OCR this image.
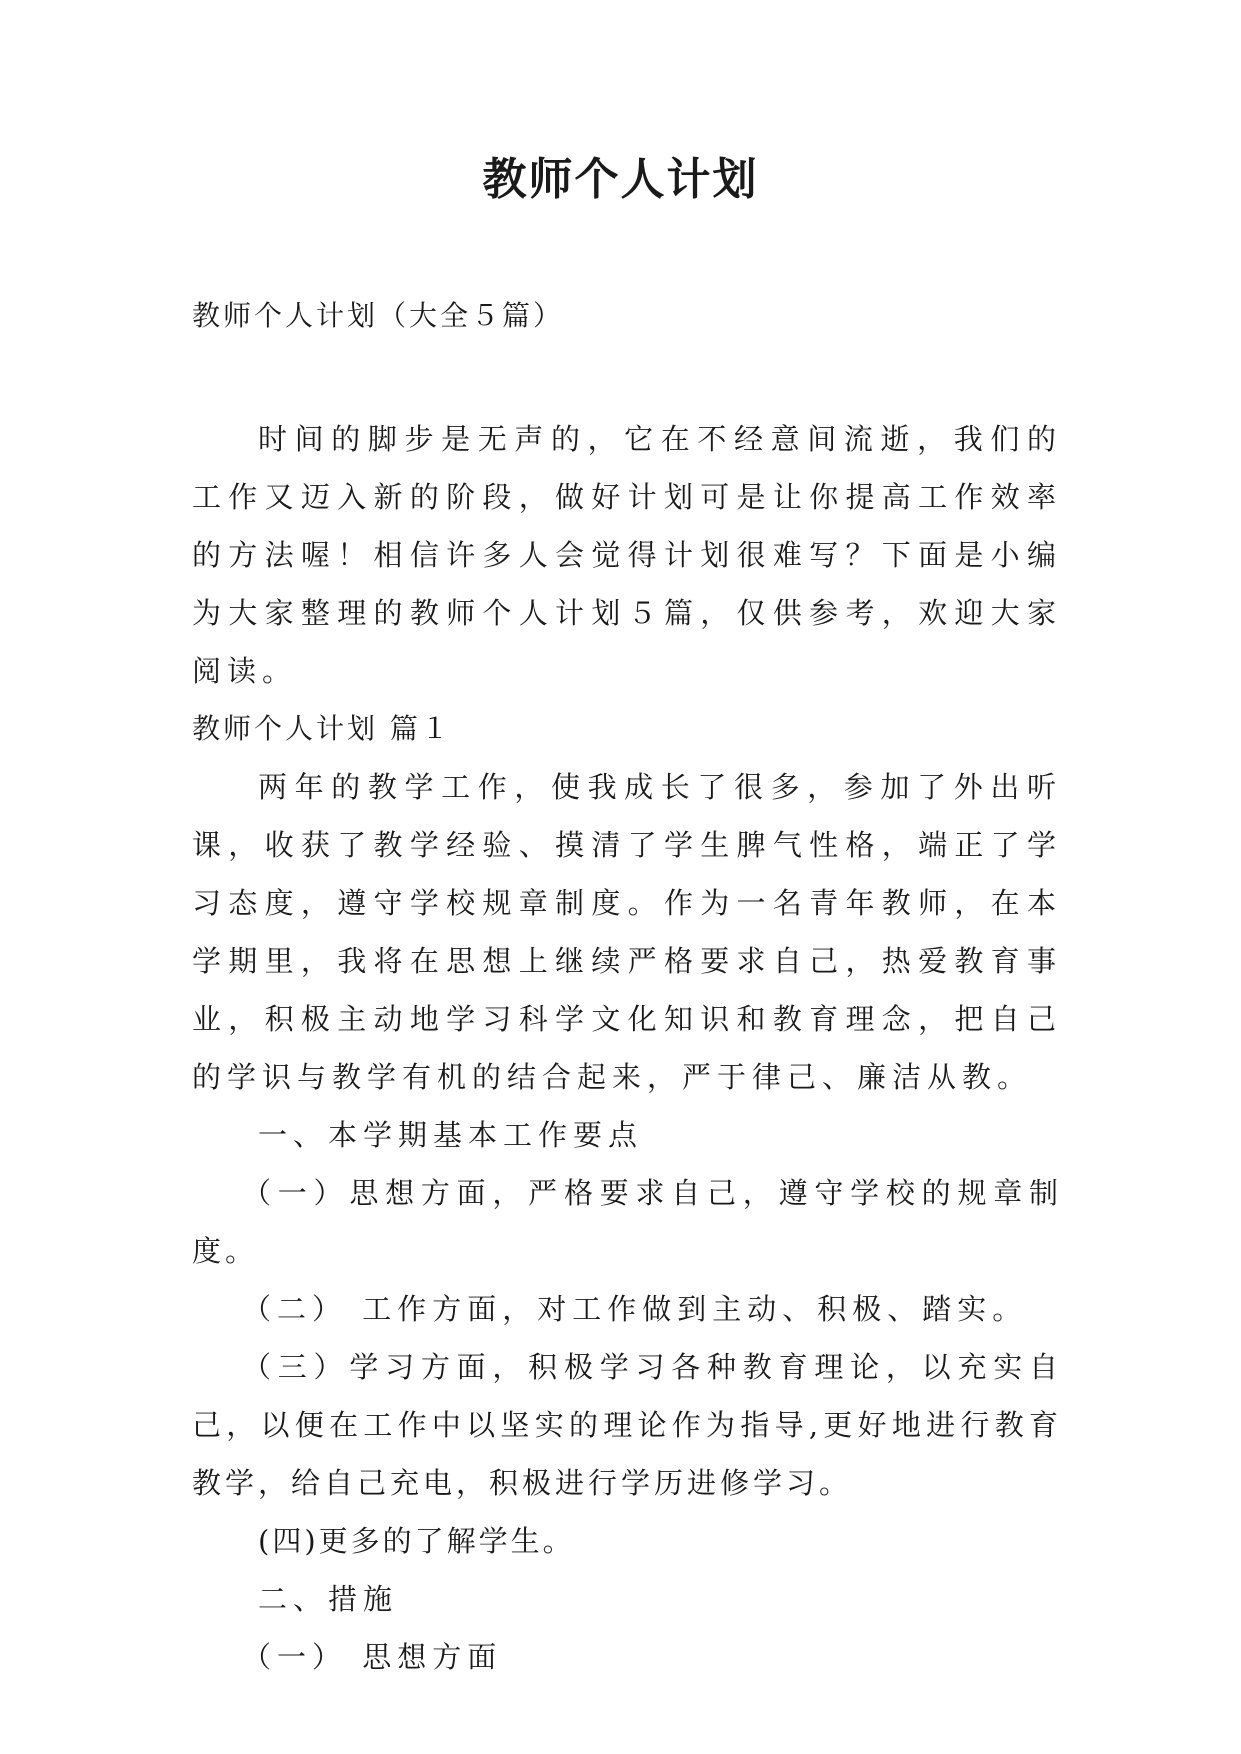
教师个人计划

教师个人计划（大全５篇）

时间的脚步是无声的，它在不经意间流逝，我们的工作又迈入新的阶段，做好计划可是让你提高工作效率的方法喔！相信许多人会觉得计划很难写？下面是小编为大家整理的教师个人计划５篇，仅供参考，欢迎大家阅读。

教师个人计划 篇１

两年的教学工作，使我成长了很多，参加了外出听课，收获了教学经验、摸清了学生脾气性格，端正了学习态度，遵守学校规章制度。作为一名青年教师，在本学期里，我将在思想上继续严格要求自己，热爱教育事业，积极主动地学习科学文化知识和教育理念，把自己的学识与教学有机的结合起来，严于律己、廉洁从教。

一、本学期基本工作要点

（一）思想方面，严格要求自己，遵守学校的规章制度。

（二） 工作方面，对工作做到主动、积极、踏实。

（三）学习方面，积极学习各种教育理论，以充实自己，以便在工作中以坚实的理论作为指导,更好地进行教育教学，给自己充电，积极进行学历进修学习。

(四)更多的了解学生。

二、措施

（一） 思想方面
